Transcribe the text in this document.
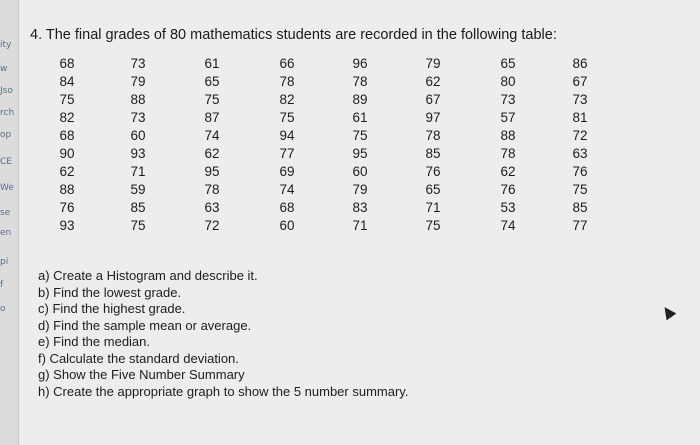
ity
w
Jso
rch
op
CE
We
se
en
pi
f
o
4. The final grades of 80 mathematics students are recorded in the following table:
68
84
75
82
68
90
62
88
76
93
73
79
88
73
60
93
71
59
85
75
61
65
75
87
74
62
95
78
63
72
66
78
82
75
94
77
69
74
68
60
96
78
89
61
75
95
60
79
83
71
79
62
67
97
78
85
76
65
71
75
65
80
73
57
88
78
62
76
53
74
86
67
73
81
72
63
76
75
85
77
a) Create a Histogram and describe it.
b) Find the lowest grade.
c) Find the highest grade.
d) Find the sample mean or average.
e) Find the median.
f) Calculate the standard deviation.
g) Show the Five Number Summary
h) Create the appropriate graph to show the 5 number summary.
